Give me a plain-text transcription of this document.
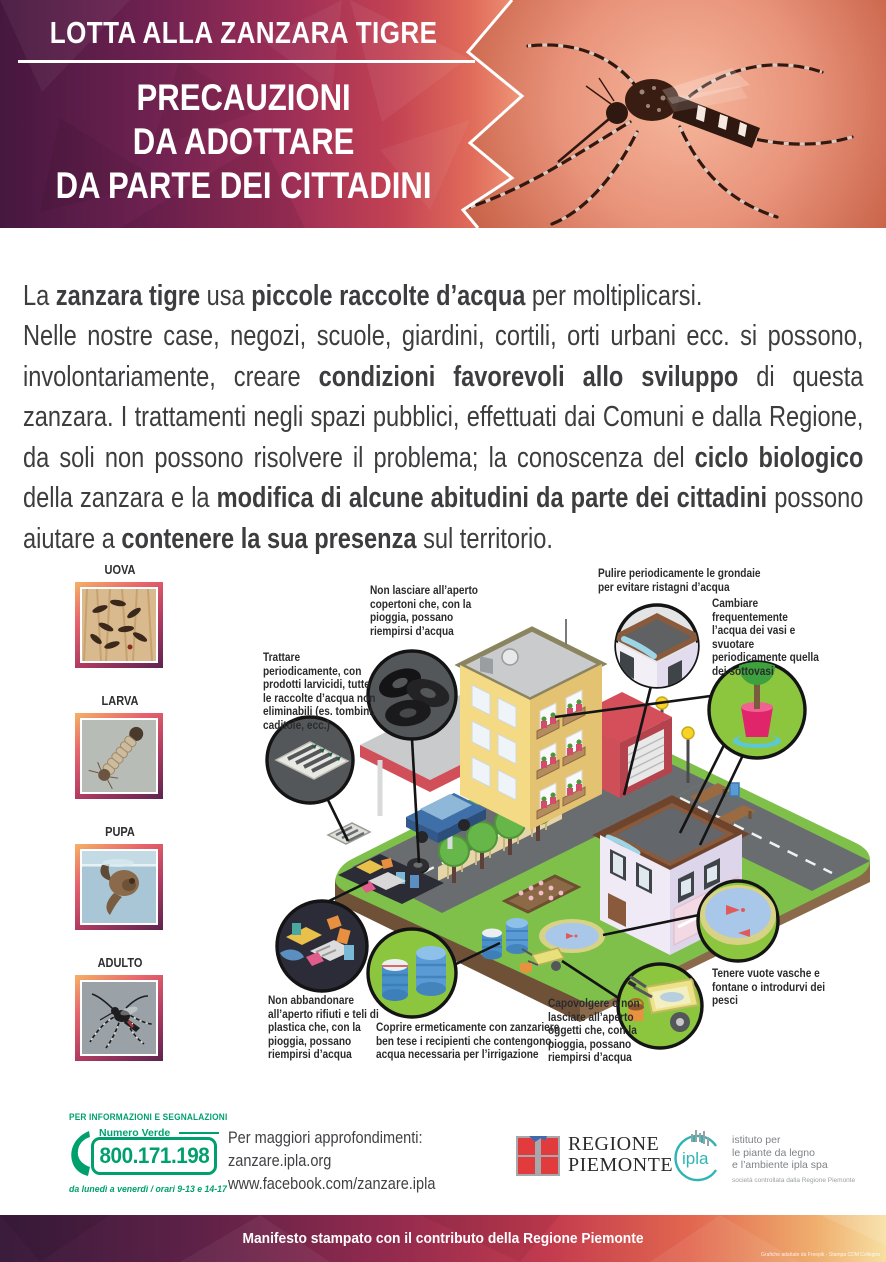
LOTTA ALLA ZANZARA TIGRE
PRECAUZIONI
DA ADOTTARE
DA PARTE DEI CITTADINI

La zanzara tigre usa piccole raccolte d’acqua per moltiplicarsi.
Nelle nostre case, negozi, scuole, giardini, cortili, orti urbani ecc. si possono, involontariamente, creare condizioni favorevoli allo sviluppo di questa zanzara. I trattamenti negli spazi pubblici, effettuati dai Comuni e dalla Regione, da soli non possono risolvere il problema; la conoscenza del ciclo biologico della zanzara e la modifica di alcune abitudini da parte dei cittadini possono aiutare a contenere la sua presenza sul territorio.

UOVA
LARVA
PUPA
ADULTO
Non lasciare all’aperto copertoni che, con la pioggia, possano riempirsi d’acqua
Trattare periodicamente, con prodotti larvicidi, tutte le raccolte d’acqua non eliminabili (es. tombini, caditoie, ecc.)
Pulire periodicamente le grondaie per evitare ristagni d’acqua
Cambiare frequentemente l’acqua dei vasi e svuotare periodicamente quella dei sottovasi
Non abbandonare all’aperto rifiuti e teli di plastica che, con la pioggia, possano riempirsi d’acqua
Coprire ermeticamente con zanzariere ben tese i recipienti che contengono acqua necessaria per l’irrigazione
Capovolgere o non lasciare all’aperto oggetti che, con la pioggia, possano riempirsi d’acqua
Tenere vuote vasche e fontane o introdurvi dei pesci
PER INFORMAZIONI E SEGNALAZIONI
Numero Verde
800.171.198
da lunedì a venerdì / orari 9-13 e 14-17
Per maggiori approfondimenti:
zanzare.ipla.org
www.facebook.com/zanzare.ipla
REGIONE
PIEMONTE ipla
istituto per
le piante da legno
e l’ambiente ipla spa
società controllata dalla Regione Piemonte
Manifesto stampato con il contributo della Regione Piemonte
Grafiche adattate da Freepik - Stampa CDM Collegno
